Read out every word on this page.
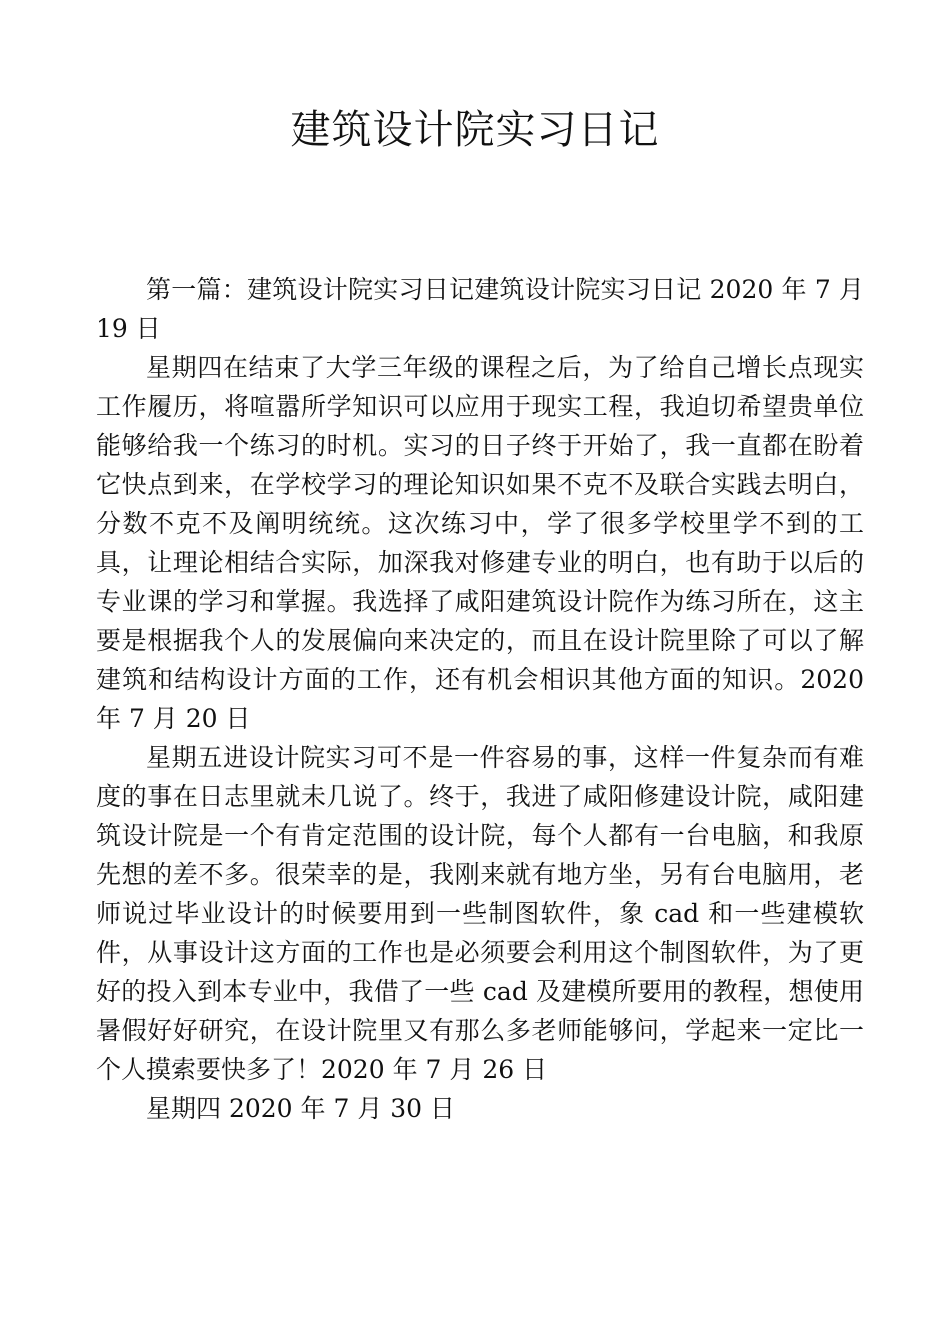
建筑设计院实习日记

第一篇：建筑设计院实习日记建筑设计院实习日记 2020 年 7 月 19 日

星期四在结束了大学三年级的课程之后，为了给自己增长点现实工作履历，将喧嚣所学知识可以应用于现实工程，我迫切希望贵单位能够给我一个练习的时机。实习的日子终于开始了，我一直都在盼着它快点到来，在学校学习的理论知识如果不克不及联合实践去明白，分数不克不及阐明统统。这次练习中，学了很多学校里学不到的工具，让理论相结合实际，加深我对修建专业的明白，也有助于以后的专业课的学习和掌握。我选择了咸阳建筑设计院作为练习所在，这主要是根据我个人的发展偏向来决定的，而且在设计院里除了可以了解建筑和结构设计方面的工作，还有机会相识其他方面的知识。2020 年 7 月 20 日

星期五进设计院实习可不是一件容易的事，这样一件复杂而有难度的事在日志里就未几说了。终于，我进了咸阳修建设计院，咸阳建筑设计院是一个有肯定范围的设计院，每个人都有一台电脑，和我原先想的差不多。很荣幸的是，我刚来就有地方坐，另有台电脑用，老师说过毕业设计的时候要用到一些制图软件，象 cad 和一些建模软件，从事设计这方面的工作也是必须要会利用这个制图软件，为了更好的投入到本专业中，我借了一些 cad 及建模所要用的教程，想使用暑假好好研究，在设计院里又有那么多老师能够问，学起来一定比一个人摸索要快多了！2020 年 7 月 26 日

星期四 2020 年 7 月 30 日
